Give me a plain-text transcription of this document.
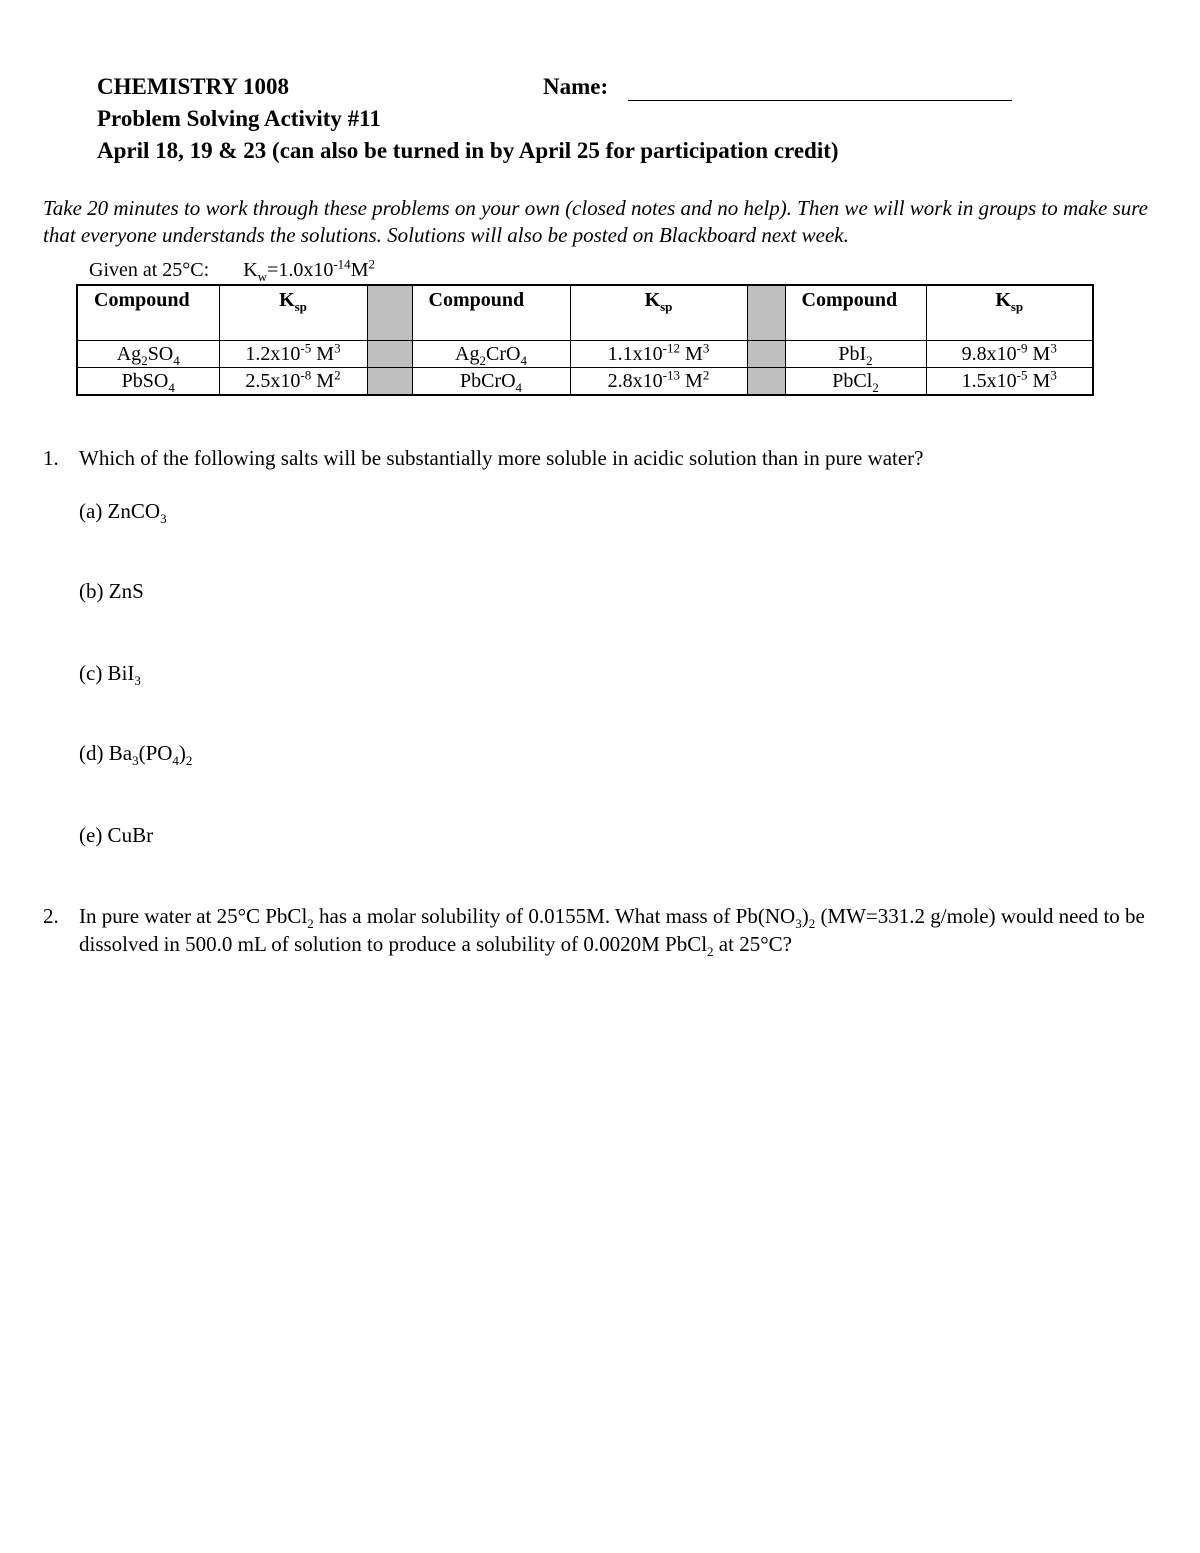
CHEMISTRY 1008	Name:
Problem Solving Activity #11
April 18, 19 & 23 (can also be turned in by April 25 for participation credit)
Take 20 minutes to work through these problems on your own (closed notes and no help). Then we will work in groups to make sure that everyone understands the solutions. Solutions will also be posted on Blackboard next week.
Given at 25°C: $K_w=1.0x10^{-14}M^2$
Compound	$K_{sp}$		Compound	$K_{sp}$		Compound	$K_{sp}$
$Ag_2SO_4$	$1.2x10^{-5}$ $M^3$		$Ag_2CrO_4$	$1.1x10^{-12}$ $M^3$		PbI$_2$	$9.8x10^{-9}$ $M^3$
PbSO$_4$	$2.5x10^{-8}$ $M^2$		PbCrO$_4$	$2.8x10^{-13}$ $M^2$		PbCl$_2$	$1.5x10^{-5}$ $M^3$
1. Which of the following salts will be substantially more soluble in acidic solution than in pure water?
(a) ZnCO$_3$
(b) ZnS
(c) BiI$_3$
(d) $Ba_3(PO_4)_2$
(e) CuBr
2. In pure water at 25°C PbCl$_2$ has a molar solubility of 0.0155M. What mass of $Pb(NO_3)_2$ (MW=331.2 g/mole) would need to be dissolved in 500.0 mL of solution to produce a solubility of 0.0020M PbCl$_2$ at 25°C?
